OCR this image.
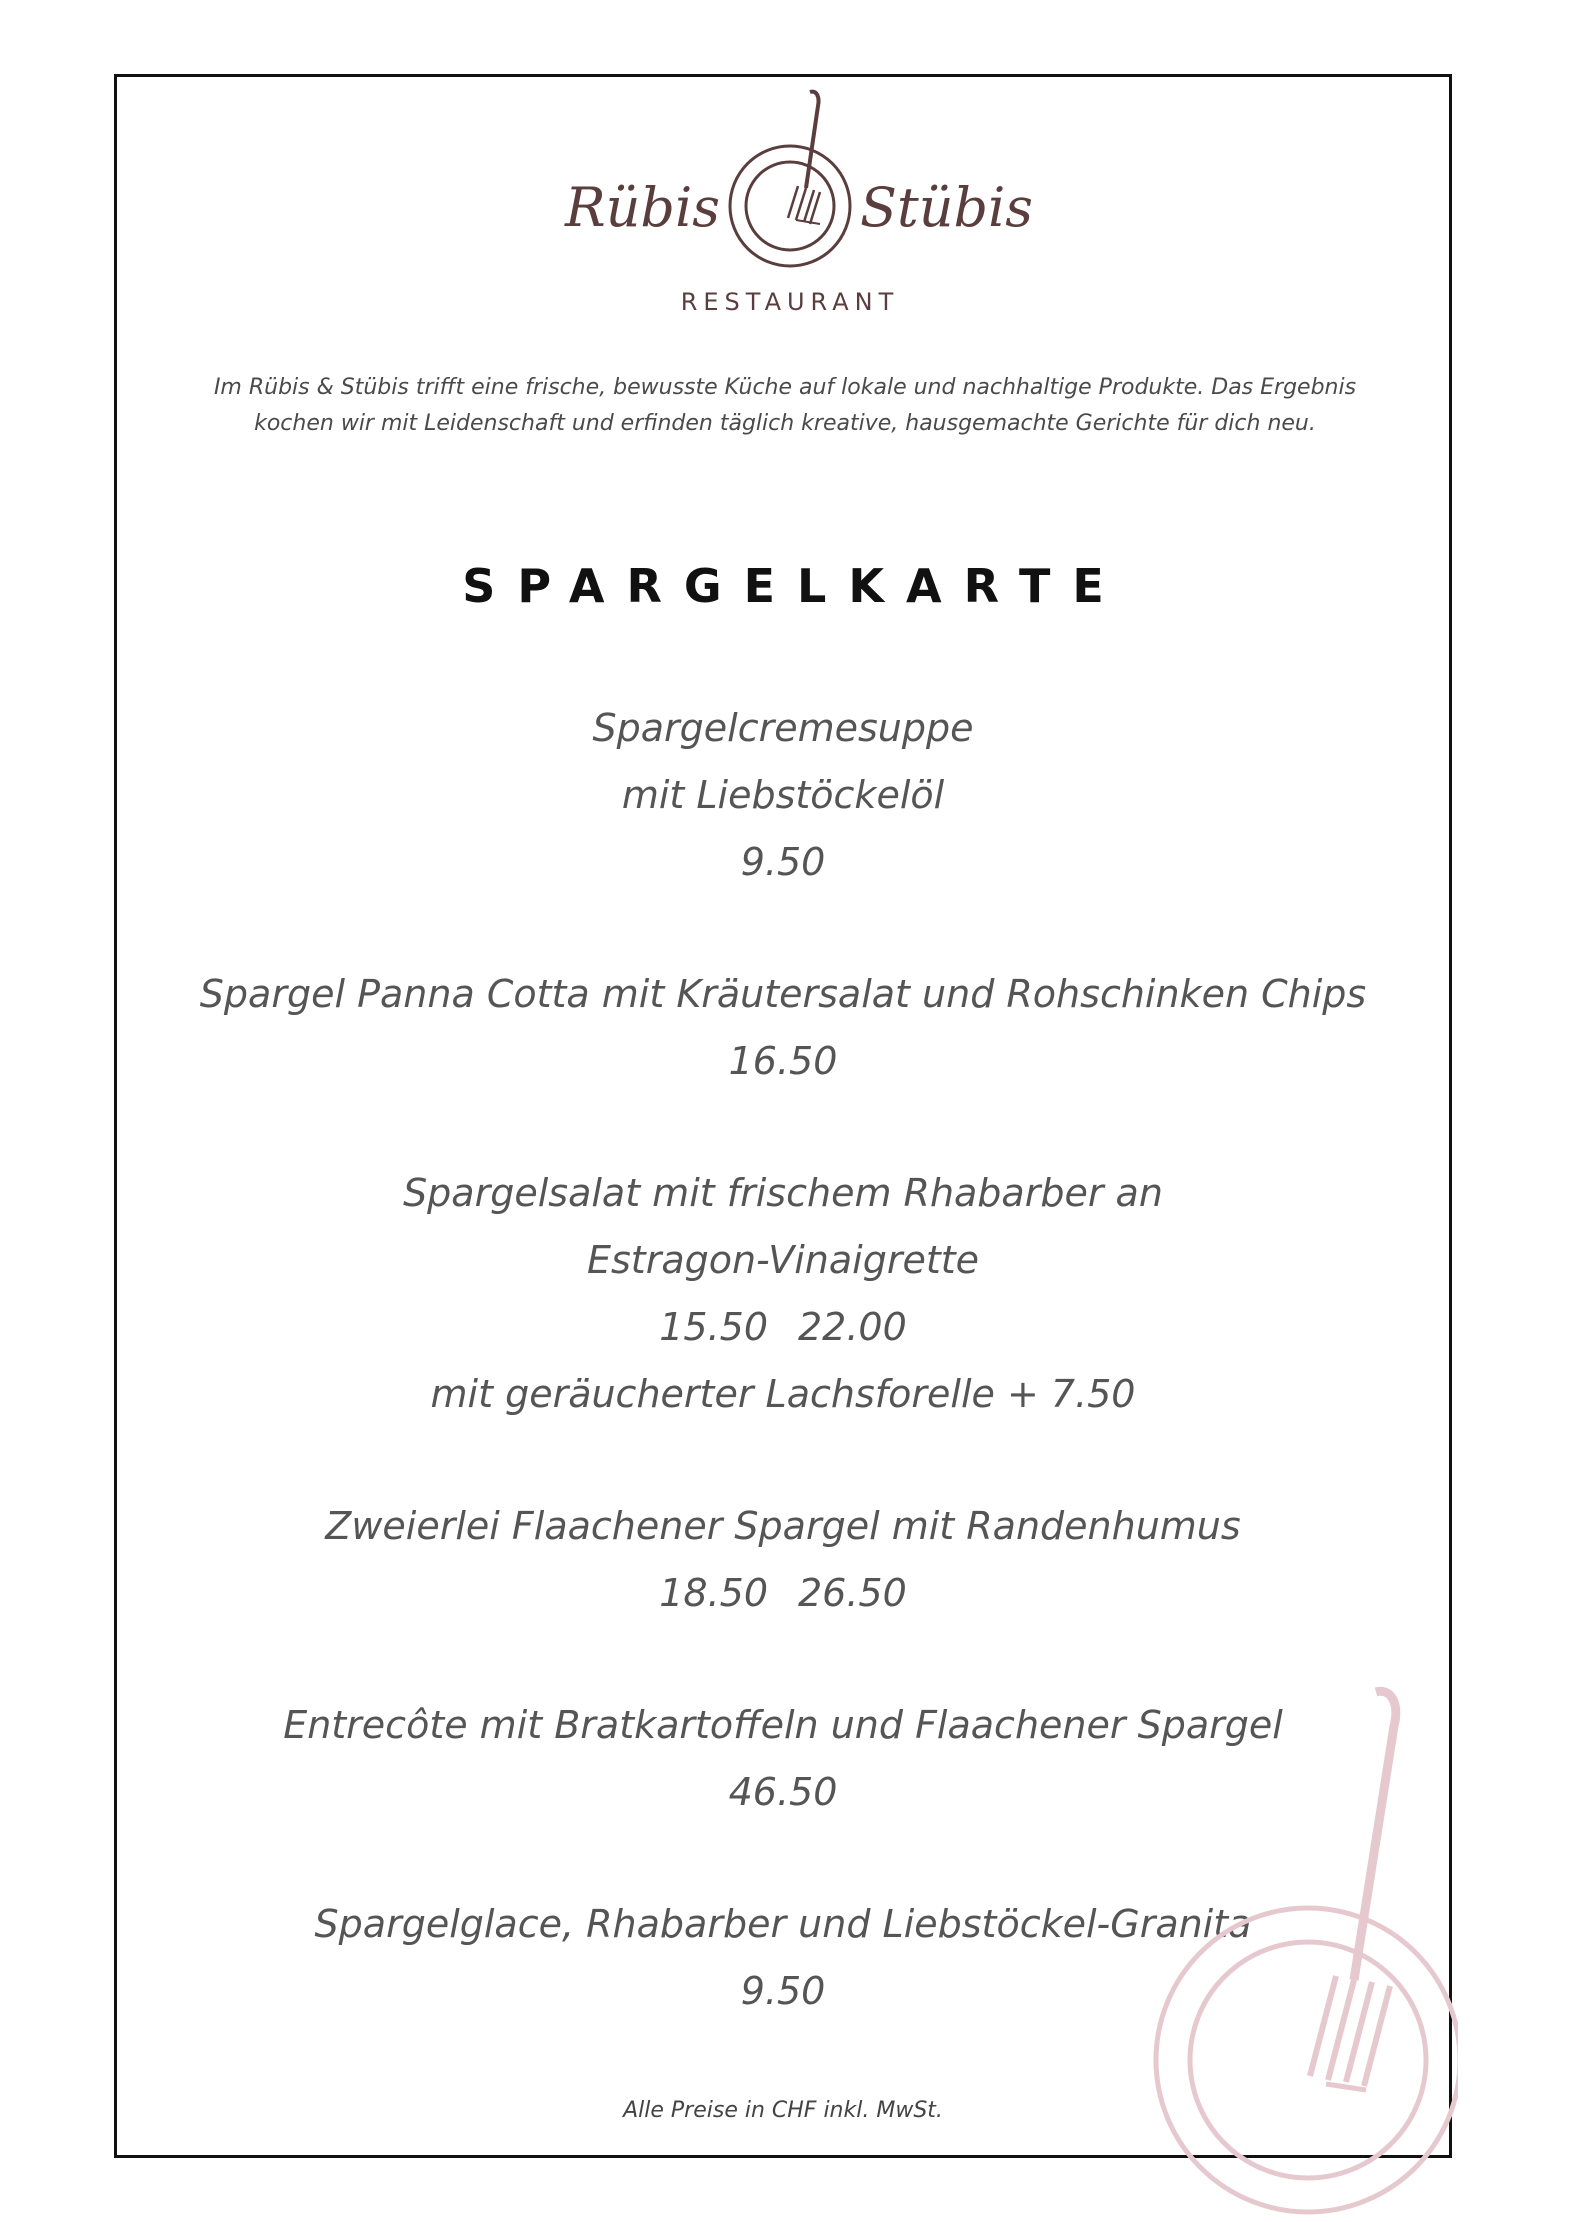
Rübis	Stübis
RESTAURANT
Im Rübis & Stübis trifft eine frische, bewusste Küche auf lokale und nachhaltige Produkte. Das Ergebnis kochen wir mit Leidenschaft und erfinden täglich kreative, hausgemachte Gerichte für dich neu.
SPARGELKARTE
Spargelcremesuppe
mit Liebstöckelöl
9.50
Spargel Panna Cotta mit Kräutersalat und Rohschinken Chips
16.50
Spargelsalat mit frischem Rhabarber an
Estragon-Vinaigrette
15.50 22.00
mit geräucherter Lachsforelle + 7.50
Zweierlei Flaachener Spargel mit Randenhumus
18.50 26.50
Entrecôte mit Bratkartoffeln und Flaachener Spargel
46.50
Spargelglace, Rhabarber und Liebstöckel-Granita
9.50
Alle Preise in CHF inkl. MwSt.
